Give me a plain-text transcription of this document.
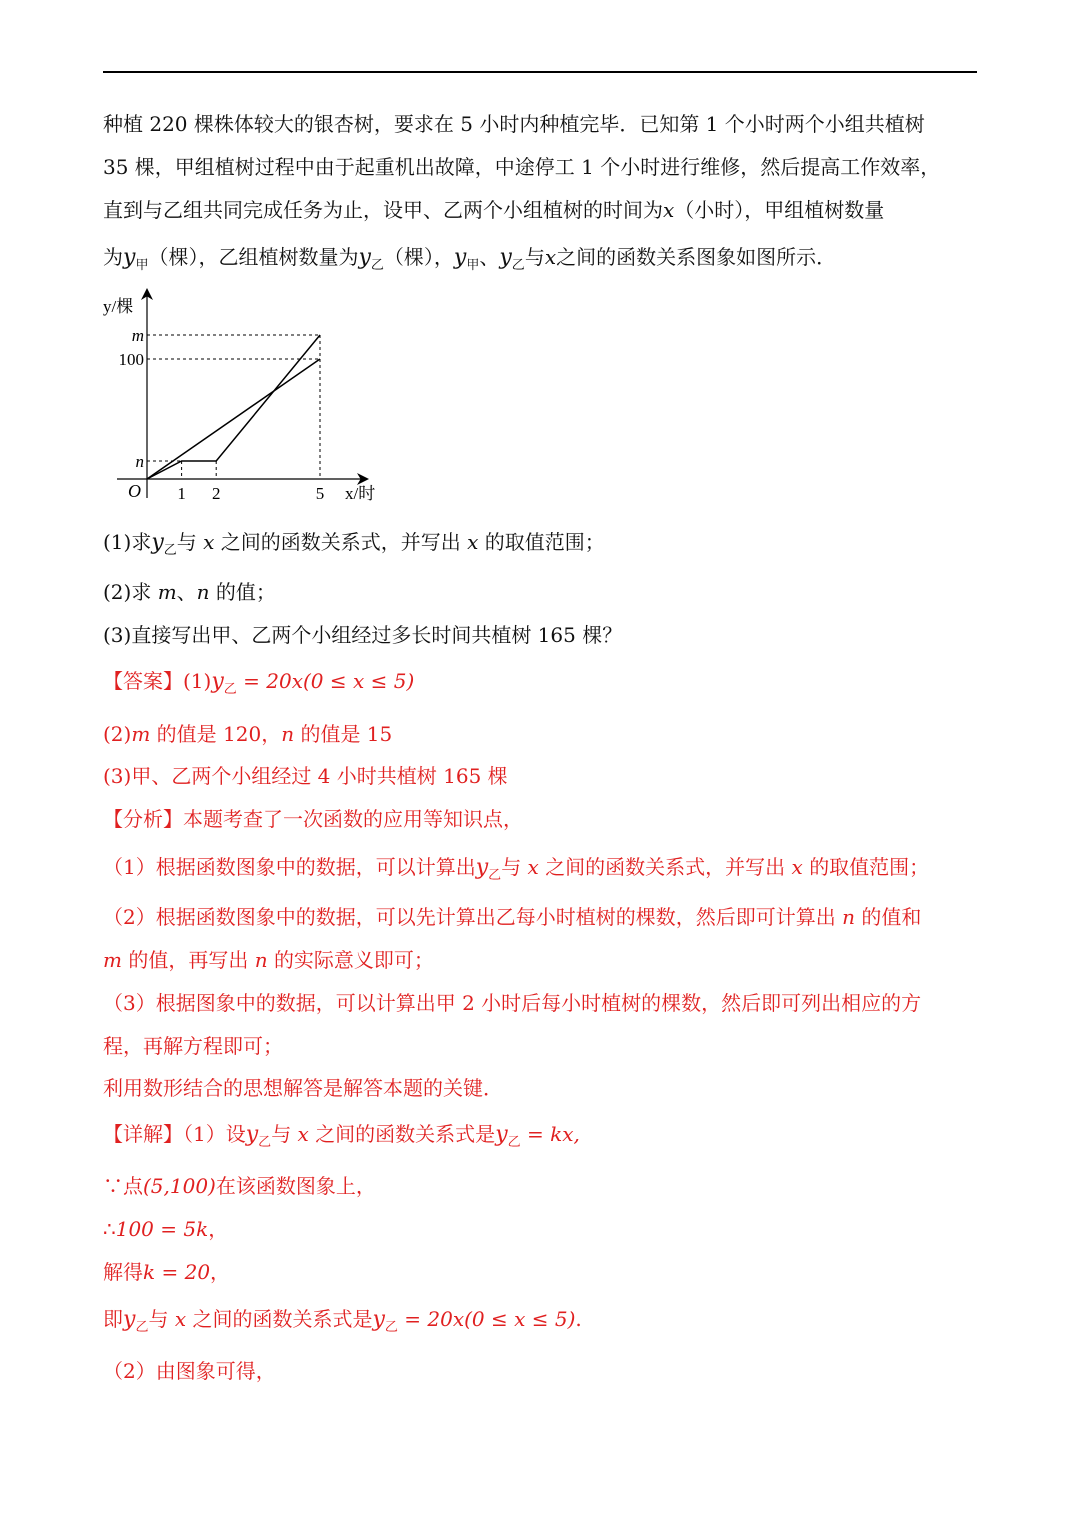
种植 220 棵株体较大的银杏树，要求在 5 小时内种植完毕．已知第 1 个小时两个小组共植树
35 棵，甲组植树过程中由于起重机出故障，中途停工 1 个小时进行维修，然后提高工作效率，
直到与乙组共同完成任务为止，设甲、乙两个小组植树的时间为x（小时），甲组植树数量
为$y_甲$（棵），乙组植树数量为$y_乙$（棵），$y_甲$、$y_乙$与x之间的函数关系图象如图所示．
1 2	5
n
100
m
O	x/时
y/棵
(1)求$y_乙$与 x 之间的函数关系式，并写出 x 的取值范围；
(2)求 m、n 的值；
(3)直接写出甲、乙两个小组经过多长时间共植树 165 棵？
【答案】$(1)y_乙 = 20x(0 \le x \le 5)$
(2)m 的值是 120，n 的值是 15
(3)甲、乙两个小组经过 4 小时共植树 165 棵
【分析】本题考查了一次函数的应用等知识点，
（1）根据函数图象中的数据，可以计算出$y_乙$与 x 之间的函数关系式，并写出 x 的取值范围；
（2）根据函数图象中的数据，可以先计算出乙每小时植树的棵数，然后即可计算出 n 的值和
m 的值，再写出 n 的实际意义即可；
（3）根据图象中的数据，可以计算出甲 2 小时后每小时植树的棵数，然后即可列出相应的方
程，再解方程即可；
利用数形结合的思想解答是解答本题的关键．
【详解】（1）设$y_乙$与 x 之间的函数关系式是$y_乙$ = kx,
∵点(5,100)在该函数图象上，
∴100 = 5k，
解得k = 20，
即$y_乙$与 x 之间的函数关系式是$y_乙 = 20x(0 \le x \le 5)$.
（2）由图象可得，
